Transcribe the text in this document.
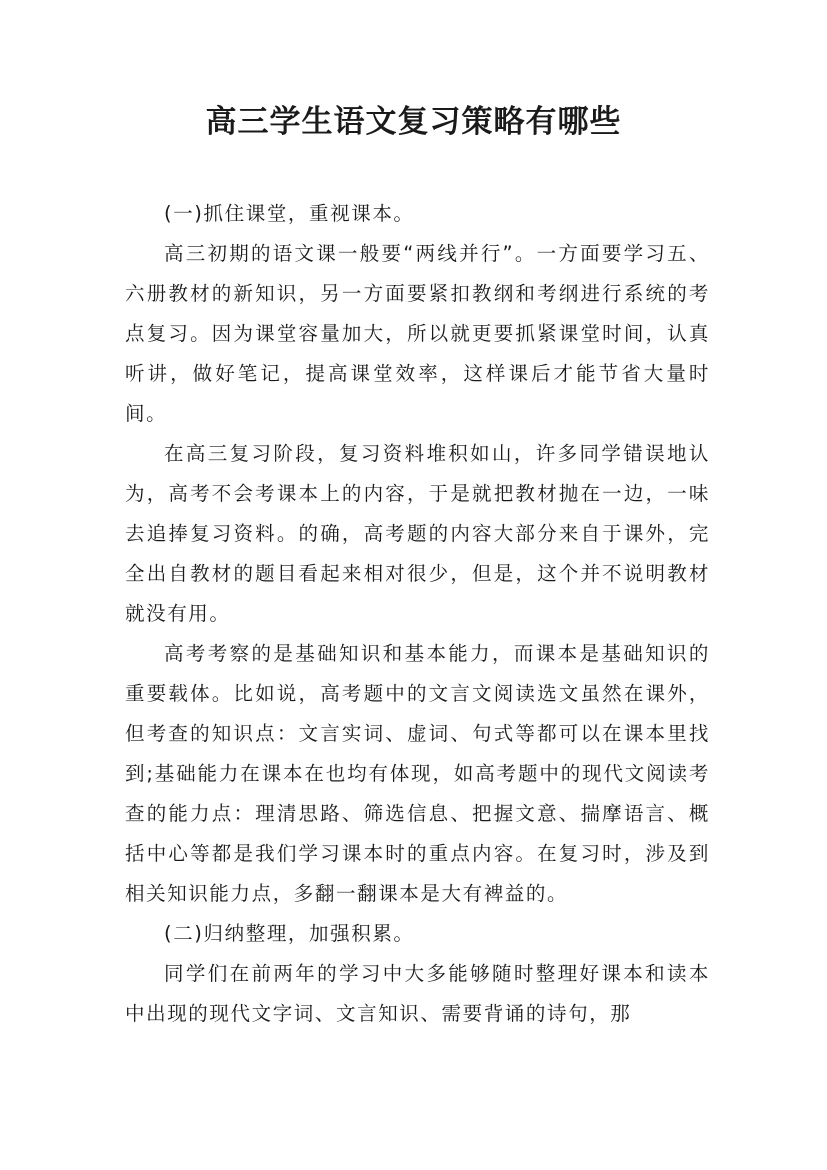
高三学生语文复习策略有哪些

(一)抓住课堂，重视课本。

高三初期的语文课一般要“两线并行”。一方面要学习五、六册教材的新知识，另一方面要紧扣教纲和考纲进行系统的考点复习。因为课堂容量加大，所以就更要抓紧课堂时间，认真听讲，做好笔记，提高课堂效率，这样课后才能节省大量时间。

在高三复习阶段，复习资料堆积如山，许多同学错误地认为，高考不会考课本上的内容，于是就把教材抛在一边，一味去追捧复习资料。的确，高考题的内容大部分来自于课外，完全出自教材的题目看起来相对很少，但是，这个并不说明教材就没有用。

高考考察的是基础知识和基本能力，而课本是基础知识的重要载体。比如说，高考题中的文言文阅读选文虽然在课外，但考查的知识点：文言实词、虚词、句式等都可以在课本里找到;基础能力在课本在也均有体现，如高考题中的现代文阅读考查的能力点：理清思路、筛选信息、把握文意、揣摩语言、概括中心等都是我们学习课本时的重点内容。在复习时，涉及到相关知识能力点，多翻一翻课本是大有裨益的。

(二)归纳整理，加强积累。

同学们在前两年的学习中大多能够随时整理好课本和读本中出现的现代文字词、文言知识、需要背诵的诗句，那
